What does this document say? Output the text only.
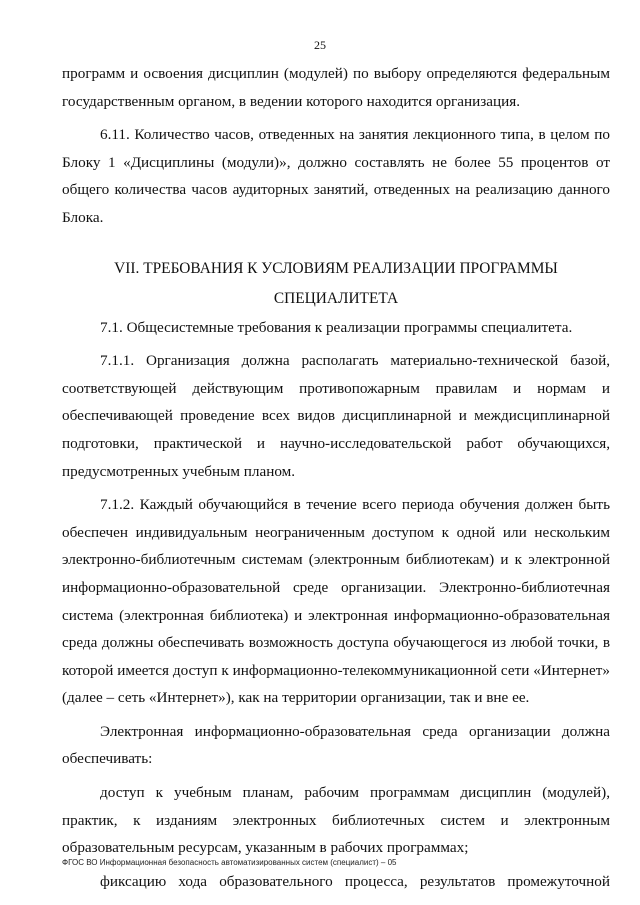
25

программ и освоения дисциплин (модулей) по выбору определяются федеральным государственным органом, в ведении которого находится организация.

6.11. Количество часов, отведенных на занятия лекционного типа, в целом по Блоку 1 «Дисциплины (модули)», должно составлять не более 55 процентов от общего количества часов аудиторных занятий, отведенных на реализацию данного Блока.

VII. ТРЕБОВАНИЯ К УСЛОВИЯМ РЕАЛИЗАЦИИ ПРОГРАММЫ

СПЕЦИАЛИТЕТА

7.1. Общесистемные требования к реализации программы специалитета.

7.1.1. Организация должна располагать материально-технической базой, соответствующей действующим противопожарным правилам и нормам и обеспечивающей проведение всех видов дисциплинарной и междисциплинарной подготовки, практической и научно-исследовательской работ обучающихся, предусмотренных учебным планом.

7.1.2. Каждый обучающийся в течение всего периода обучения должен быть обеспечен индивидуальным неограниченным доступом к одной или нескольким электронно-библиотечным системам (электронным библиотекам) и к электронной информационно-образовательной среде организации. Электронно-библиотечная система (электронная библиотека) и электронная информационно-образовательная среда должны обеспечивать возможность доступа обучающегося из любой точки, в которой имеется доступ к информационно-телекоммуникационной сети «Интернет» (далее – сеть «Интернет»), как на территории организации, так и вне ее.

Электронная информационно-образовательная среда организации должна обеспечивать:

доступ к учебным планам, рабочим программам дисциплин (модулей), практик, к изданиям электронных библиотечных систем и электронным образовательным ресурсам, указанным в рабочих программах;

фиксацию хода образовательного процесса, результатов промежуточной

ФГОС ВО Информационная безопасность автоматизированных систем (специалист) – 05
